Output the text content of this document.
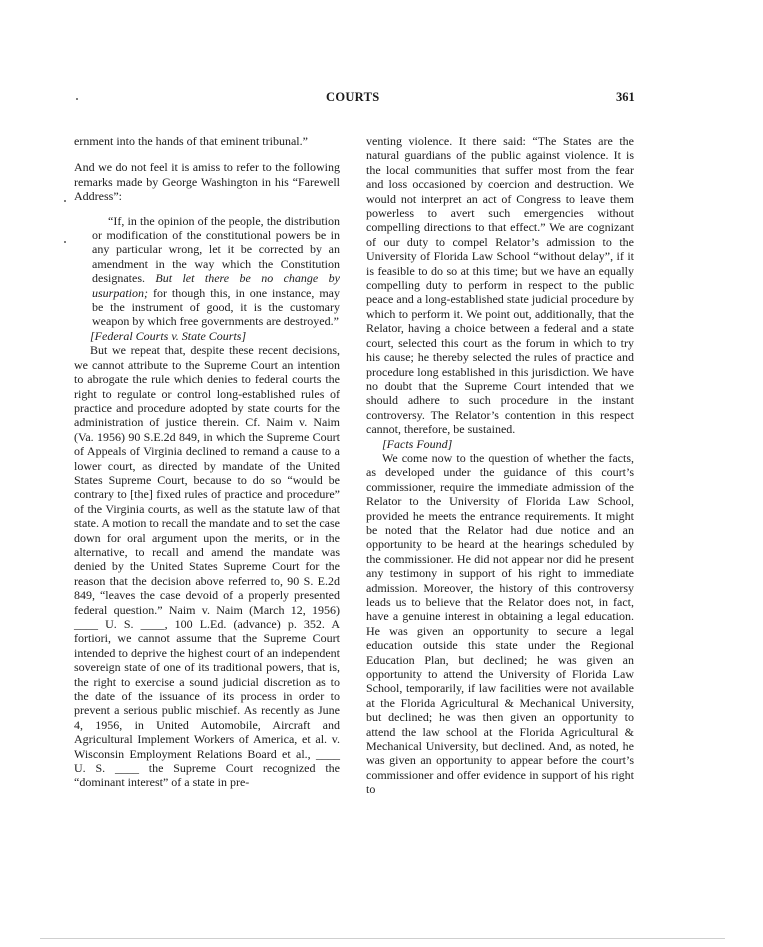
COURTS	361

ernment into the hands of that eminent tribunal.”

And we do not feel it is amiss to refer to the following remarks made by George Washington in his “Farewell Address”:

“If, in the opinion of the people, the distribution or modification of the constitutional powers be in any particular wrong, let it be corrected by an amendment in the way which the Constitution designates. But let there be no change by usurpation; for though this, in one instance, may be the instrument of good, it is the customary weapon by which free governments are destroyed.”

[Federal Courts v. State Courts]

But we repeat that, despite these recent decisions, we cannot attribute to the Supreme Court an intention to abrogate the rule which denies to federal courts the right to regulate or control long-established rules of practice and procedure adopted by state courts for the administration of justice therein. Cf. Naim v. Naim (Va. 1956) 90 S.E.2d 849, in which the Supreme Court of Appeals of Virginia declined to remand a cause to a lower court, as directed by mandate of the United States Supreme Court, because to do so “would be contrary to [the] fixed rules of practice and procedure” of the Virginia courts, as well as the statute law of that state. A motion to recall the mandate and to set the case down for oral argument upon the merits, or in the alternative, to recall and amend the mandate was denied by the United States Supreme Court for the reason that the decision above referred to, 90 S. E.2d 849, “leaves the case devoid of a properly presented federal question.” Naim v. Naim (March 12, 1956) ____ U. S. ____, 100 L.Ed. (advance) p. 352. A fortiori, we cannot assume that the Supreme Court intended to deprive the highest court of an independent sovereign state of one of its traditional powers, that is, the right to exercise a sound judicial discretion as to the date of the issuance of its process in order to prevent a serious public mischief. As recently as June 4, 1956, in United Automobile, Aircraft and Agricultural Implement Workers of America, et al. v. Wisconsin Employment Relations Board et al., ____ U. S. ____ the Supreme Court recognized the “dominant interest” of a state in pre-

venting violence. It there said: “The States are the natural guardians of the public against violence. It is the local communities that suffer most from the fear and loss occasioned by coercion and destruction. We would not interpret an act of Congress to leave them powerless to avert such emergencies without compelling directions to that effect.” We are cognizant of our duty to compel Relator’s admission to the University of Florida Law School “without delay”, if it is feasible to do so at this time; but we have an equally compelling duty to perform in respect to the public peace and a long-established state judicial procedure by which to perform it. We point out, additionally, that the Relator, having a choice between a federal and a state court, selected this court as the forum in which to try his cause; he thereby selected the rules of practice and procedure long established in this jurisdiction. We have no doubt that the Supreme Court intended that we should adhere to such procedure in the instant controversy. The Relator’s contention in this respect cannot, therefore, be sustained.

[Facts Found]

We come now to the question of whether the facts, as developed under the guidance of this court’s commissioner, require the immediate admission of the Relator to the University of Florida Law School, provided he meets the entrance requirements. It might be noted that the Relator had due notice and an opportunity to be heard at the hearings scheduled by the commissioner. He did not appear nor did he present any testimony in support of his right to immediate admission. Moreover, the history of this controversy leads us to believe that the Relator does not, in fact, have a genuine interest in obtaining a legal education. He was given an opportunity to secure a legal education outside this state under the Regional Education Plan, but declined; he was given an opportunity to attend the University of Florida Law School, temporarily, if law facilities were not available at the Florida Agricultural & Mechanical University, but declined; he was then given an opportunity to attend the law school at the Florida Agricultural & Mechanical University, but declined. And, as noted, he was given an opportunity to appear before the court’s commissioner and offer evidence in support of his right to
